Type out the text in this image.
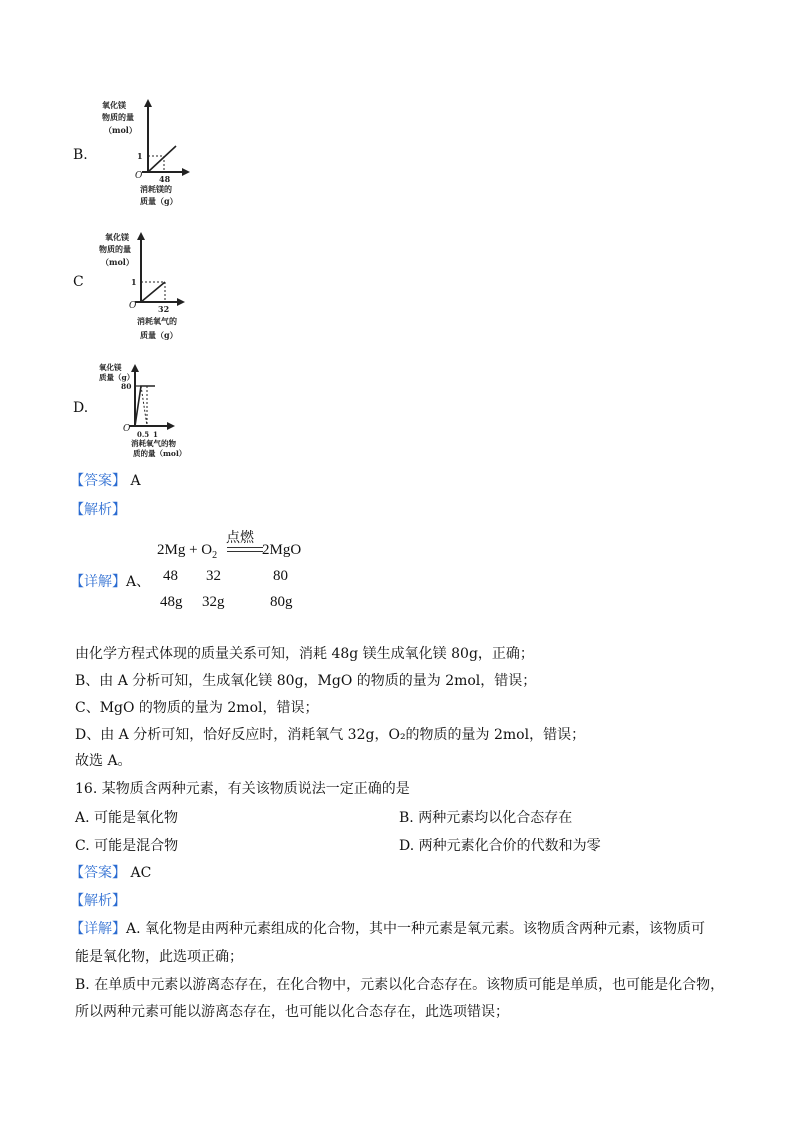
B.
氧化镁
物质的量
（mol）
1
O 48
消耗镁的
质量（g）
C
氧化镁
物质的量
（mol）
1
O	32
消耗氧气的
质量（g）
D.
氧化镁
质量（g）
80
O
0.5 1
消耗氧气的物
质的量（mol）
【答案】 A
【解析】
【详解】A、
$2Mg + O_2$
点燃
2MgO
48 32	80
48g 32g	80g
由化学方程式体现的质量关系可知，消耗 48g 镁生成氧化镁 80g，正确；
B、由 A 分析可知，生成氧化镁 80g，MgO 的物质的量为 2mol，错误；
C、MgO 的物质的量为 2mol，错误；
D、由 A 分析可知，恰好反应时，消耗氧气 32g，O₂的物质的量为 2mol，错误；
故选 A。
16. 某物质含两种元素，有关该物质说法一定正确的是
A. 可能是氧化物	B. 两种元素均以化合态存在
C. 可能是混合物	D. 两种元素化合价的代数和为零
【答案】 AC
【解析】
【详解】A. 氧化物是由两种元素组成的化合物，其中一种元素是氧元素。该物质含两种元素，该物质可
能是氧化物，此选项正确；
B. 在单质中元素以游离态存在，在化合物中，元素以化合态存在。该物质可能是单质，也可能是化合物，
所以两种元素可能以游离态存在，也可能以化合态存在，此选项错误；
